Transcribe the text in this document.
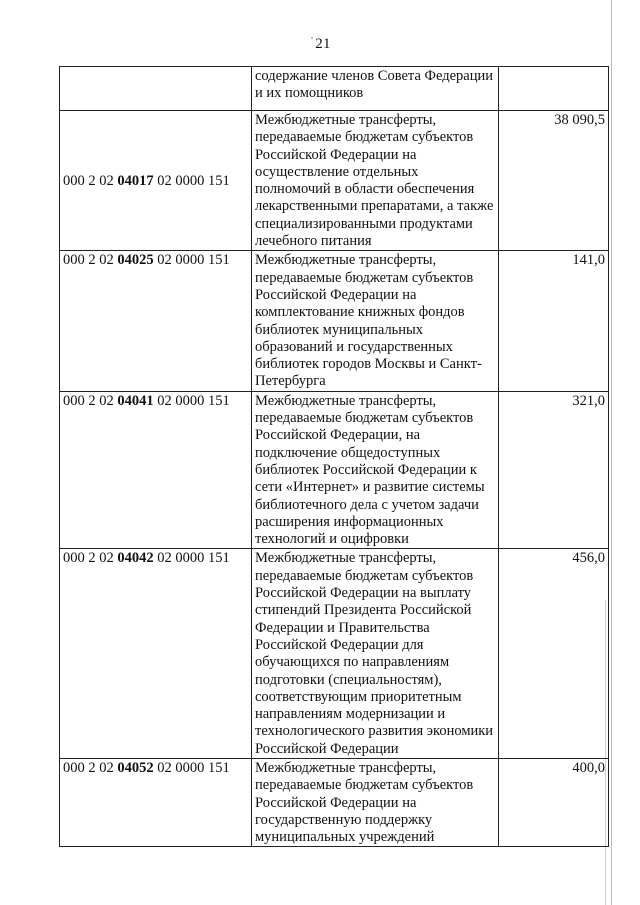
' 21
	содержание членов Совета Федерации и их помощников	
000 2 02 04017 02 0000 151	Межбюджетные трансферты, передаваемые бюджетам субъектов Российской Федерации на осуществление отдельных полномочий в области обеспечения лекарственными препаратами, а также специализированными продуктами лечебного питания	38 090,5
000 2 02 04025 02 0000 151	Межбюджетные трансферты, передаваемые бюджетам субъектов Российской Федерации на комплектование книжных фондов библиотек муниципальных образований и государственных библиотек городов Москвы и Санкт-Петербурга	141,0
000 2 02 04041 02 0000 151	Межбюджетные трансферты, передаваемые бюджетам субъектов Российской Федерации, на подключение общедоступных библиотек Российской Федерации к сети «Интернет» и развитие системы библиотечного дела с учетом задачи расширения информационных технологий и оцифровки	321,0
000 2 02 04042 02 0000 151	Межбюджетные трансферты, передаваемые бюджетам субъектов Российской Федерации на выплату стипендий Президента Российской Федерации и Правительства Российской Федерации для обучающихся по направлениям подготовки (специальностям), соответствующим приоритетным направлениям модернизации и технологического развития экономики Российской Федерации	456,0
000 2 02 04052 02 0000 151	Межбюджетные трансферты, передаваемые бюджетам субъектов Российской Федерации на государственную поддержку муниципальных учреждений	400,0
